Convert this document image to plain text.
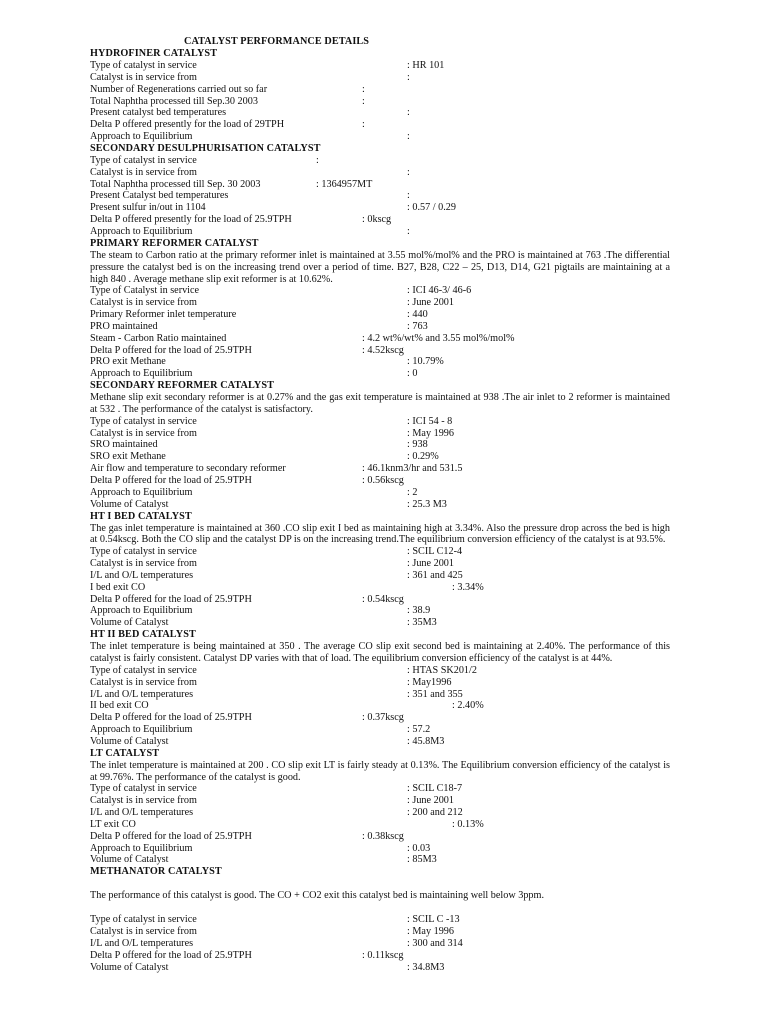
CATALYST PERFORMANCE DETAILS
HYDROFINER CATALYST
Type of catalyst in service	: HR 101
Catalyst is in service from	:
Number of Regenerations carried out so far	:
Total Naphtha processed till Sep.30 2003	:
Present catalyst bed temperatures	:
Delta P offered presently for the load of 29TPH	:
Approach to Equilibrium	:
SECONDARY DESULPHURISATION CATALYST
Type of catalyst in service	:
Catalyst is in service from	:
Total Naphtha processed till Sep. 30 2003	: 1364957MT
Present Catalyst bed temperatures	:
Present sulfur in/out in 1104	: 0.57 / 0.29
Delta P offered presently for the load of 25.9TPH	: 0kscg
Approach to Equilibrium	:
PRIMARY REFORMER CATALYST
The steam to Carbon ratio at the primary reformer inlet is maintained at 3.55 mol%/mol% and the PRO is maintained at 763 .The differential pressure the catalyst bed is on the increasing trend over a period of time. B27, B28, C22 – 25, D13, D14, G21 pigtails are maintaining at a high 840 . Average methane slip exit reformer is at 10.62%.
Type of Catalyst in service	: ICI 46-3/ 46-6
Catalyst is in service from	: June 2001
Primary Reformer inlet temperature	: 440
PRO maintained	: 763
Steam - Carbon Ratio maintained	: 4.2 wt%/wt% and 3.55 mol%/mol%
Delta P offered for the load of 25.9TPH	: 4.52kscg
PRO exit Methane	: 10.79%
Approach to Equilibrium	: 0
SECONDARY REFORMER CATALYST
Methane slip exit secondary reformer is at 0.27% and the gas exit temperature is maintained at 938 .The air inlet to 2 reformer is maintained at 532 . The performance of the catalyst is satisfactory.
Type of catalyst in service	: ICI 54 - 8
Catalyst is in service from	: May 1996
SRO maintained	: 938
SRO exit Methane	: 0.29%
Air flow and temperature to secondary reformer	: 46.1knm3/hr and 531.5
Delta P offered for the load of 25.9TPH	: 0.56kscg
Approach to Equilibrium	: 2
Volume of Catalyst	: 25.3 M3
HT I BED CATALYST
The gas inlet temperature is maintained at 360 .CO slip exit I bed as maintaining high at 3.34%. Also the pressure drop across the bed is high at 0.54kscg. Both the CO slip and the catalyst DP is on the increasing trend.The equilibrium conversion efficiency of the catalyst is at 93.5%.
Type of catalyst in service	: SCIL C12-4
Catalyst is in service from	: June 2001
I/L and O/L temperatures	: 361 and 425
I bed exit CO	: 3.34%
Delta P offered for the load of 25.9TPH	: 0.54kscg
Approach to Equilibrium	: 38.9
Volume of Catalyst	: 35M3
HT II BED CATALYST
The inlet temperature is being maintained at 350 . The average CO slip exit second bed is maintaining at 2.40%. The performance of this catalyst is fairly consistent. Catalyst DP varies with that of load. The equilibrium conversion efficiency of the catalyst is at 44%.
Type of catalyst in service	: HTAS SK201/2
Catalyst is in service from	: May1996
I/L and O/L temperatures	: 351 and 355
II bed exit CO	: 2.40%
Delta P offered for the load of 25.9TPH	: 0.37kscg
Approach to Equilibrium	: 57.2
Volume of Catalyst	: 45.8M3
LT CATALYST
The inlet temperature is maintained at 200 . CO slip exit LT is fairly steady at 0.13%. The Equilibrium conversion efficiency of the catalyst is at 99.76%. The performance of the catalyst is good.
Type of catalyst in service	: SCIL C18-7
Catalyst is in service from	: June 2001
I/L and O/L temperatures	: 200 and 212
LT exit CO	: 0.13%
Delta P offered for the load of 25.9TPH	: 0.38kscg
Approach to Equilibrium	: 0.03
Volume of Catalyst	: 85M3
METHANATOR CATALYST
The performance of this catalyst is good. The CO + CO2 exit this catalyst bed is maintaining well below 3ppm.
Type of catalyst in service	: SCIL C -13
Catalyst is in service from	: May 1996
I/L and O/L temperatures	: 300 and 314
Delta P offered for the load of 25.9TPH	: 0.11kscg
Volume of Catalyst	: 34.8M3
